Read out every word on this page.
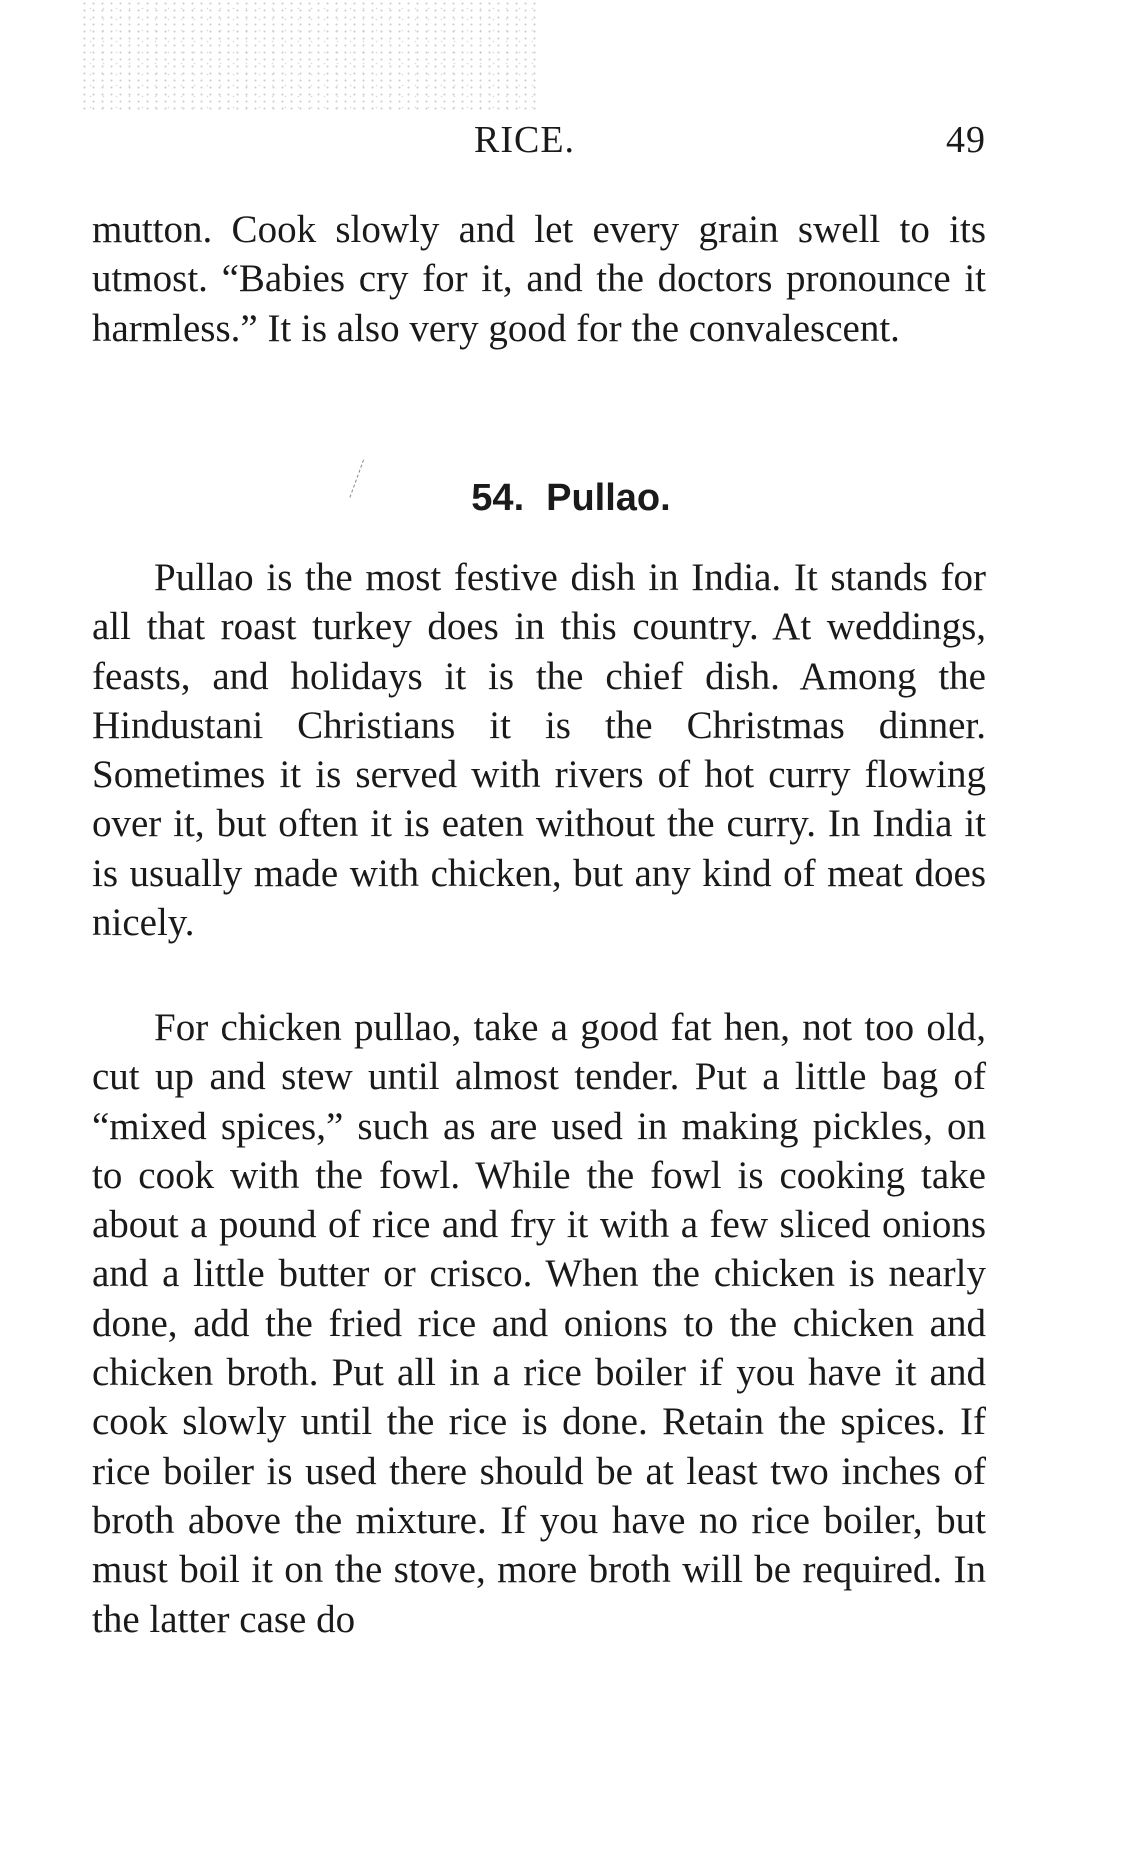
RICE.	49

mutton. Cook slowly and let every grain swell to its utmost. “Babies cry for it, and the doctors pronounce it harmless.” It is also very good for the convalescent.

54. Pullao.

Pullao is the most festive dish in India. It stands for all that roast turkey does in this country. At weddings, feasts, and holidays it is the chief dish. Among the Hindustani Christians it is the Christmas dinner. Sometimes it is served with rivers of hot curry flowing over it, but often it is eaten without the curry. In India it is usually made with chicken, but any kind of meat does nicely.

For chicken pullao, take a good fat hen, not too old, cut up and stew until almost tender. Put a little bag of “mixed spices,” such as are used in making pickles, on to cook with the fowl. While the fowl is cooking take about a pound of rice and fry it with a few sliced onions and a little butter or crisco. When the chicken is nearly done, add the fried rice and onions to the chicken and chicken broth. Put all in a rice boiler if you have it and cook slowly until the rice is done. Retain the spices. If rice boiler is used there should be at least two inches of broth above the mixture. If you have no rice boiler, but must boil it on the stove, more broth will be required. In the latter case do
